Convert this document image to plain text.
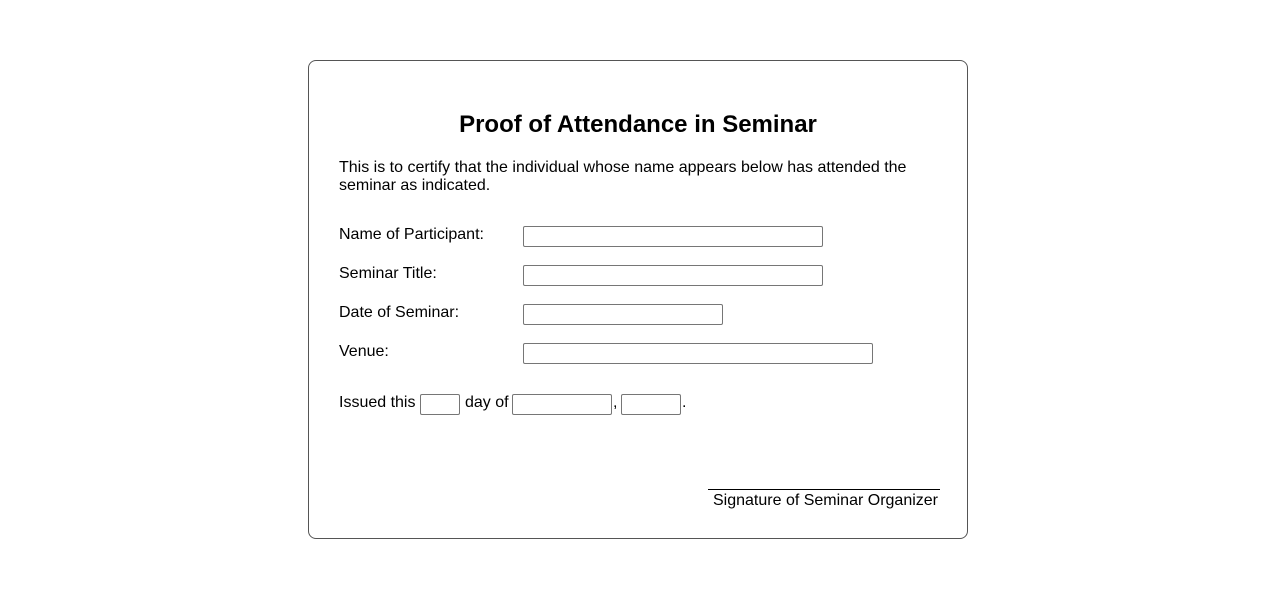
Proof of Attendance in Seminar

This is to certify that the individual whose name appears below has attended the seminar as indicated.

Name of Participant:
Seminar Title:
Date of Seminar:
Venue:
Issued this	day of	,	.
Signature of Seminar Organizer
